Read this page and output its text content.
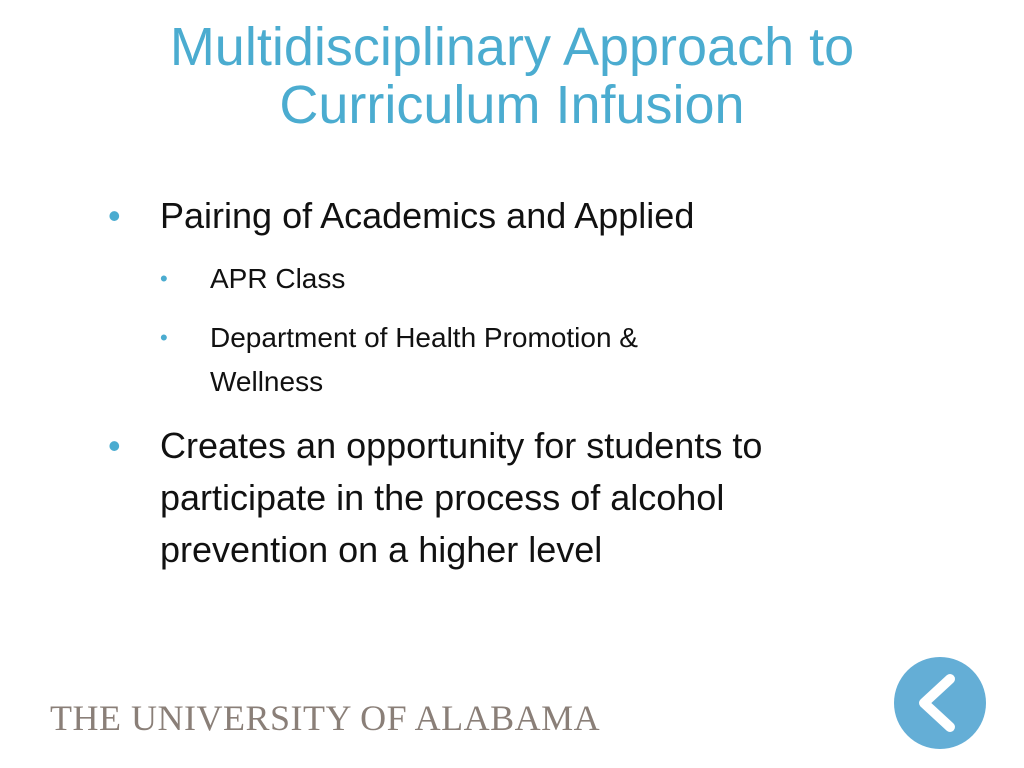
Multidisciplinary Approach to
Curriculum Infusion
•	Pairing of Academics and Applied
•	APR Class
•	Department of Health Promotion &
Wellness
•	Creates an opportunity for students to
participate in the process of alcohol
prevention on a higher level
THE UNIVERSITY OF ALABAMA
